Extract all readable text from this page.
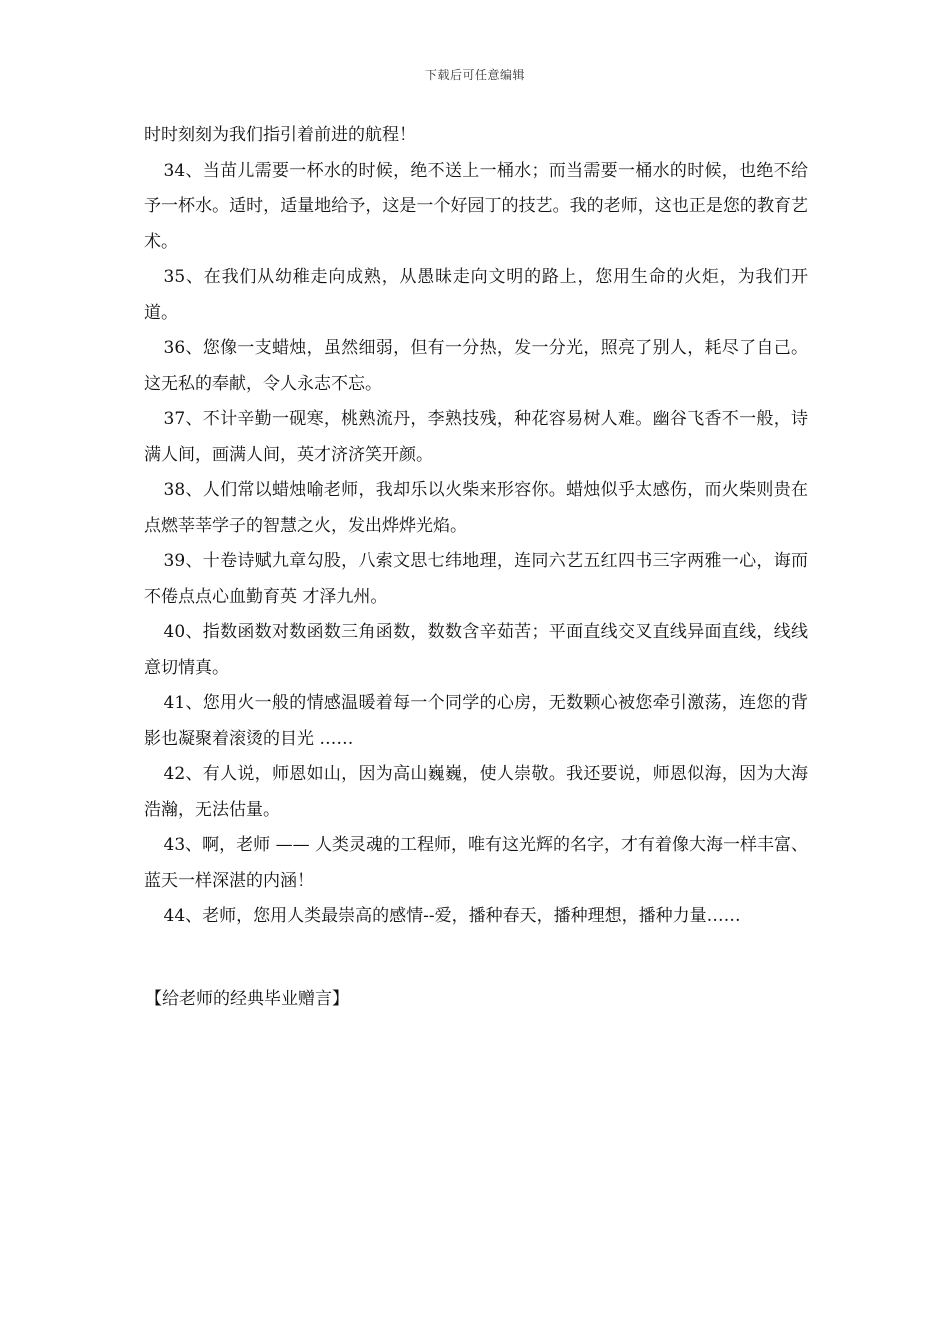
下载后可任意编辑

时时刻刻为我们指引着前进的航程！

34、当苗儿需要一杯水的时候，绝不送上一桶水；而当需要一桶水的时候，也绝不给予一杯水。适时，适量地给予，这是一个好园丁的技艺。我的老师，这也正是您的教育艺术。

35、在我们从幼稚走向成熟，从愚昧走向文明的路上，您用生命的火炬，为我们开道。

36、您像一支蜡烛，虽然细弱，但有一分热，发一分光，照亮了别人，耗尽了自己。这无私的奉献，令人永志不忘。

37、不计辛勤一砚寒，桃熟流丹，李熟技残，种花容易树人难。幽谷飞香不一般，诗满人间，画满人间，英才济济笑开颜。

38、人们常以蜡烛喻老师，我却乐以火柴来形容你。蜡烛似乎太感伤，而火柴则贵在点燃莘莘学子的智慧之火，发出烨烨光焰。

39、十卷诗赋九章勾股，八索文思七纬地理，连同六艺五红四书三字两雅一心，诲而不倦点点心血勤育英 才泽九州。

40、指数函数对数函数三角函数，数数含辛茹苦；平面直线交叉直线异面直线，线线意切情真。

41、您用火一般的情感温暖着每一个同学的心房，无数颗心被您牵引激荡，连您的背影也凝聚着滚烫的目光 ……

42、有人说，师恩如山，因为高山巍巍，使人崇敬。我还要说，师恩似海，因为大海浩瀚，无法估量。

43、啊，老师 —— 人类灵魂的工程师，唯有这光辉的名字，才有着像大海一样丰富、蓝天一样深湛的内涵！

44、老师，您用人类最崇高的感情--爱，播种春天，播种理想，播种力量……

【给老师的经典毕业赠言】
